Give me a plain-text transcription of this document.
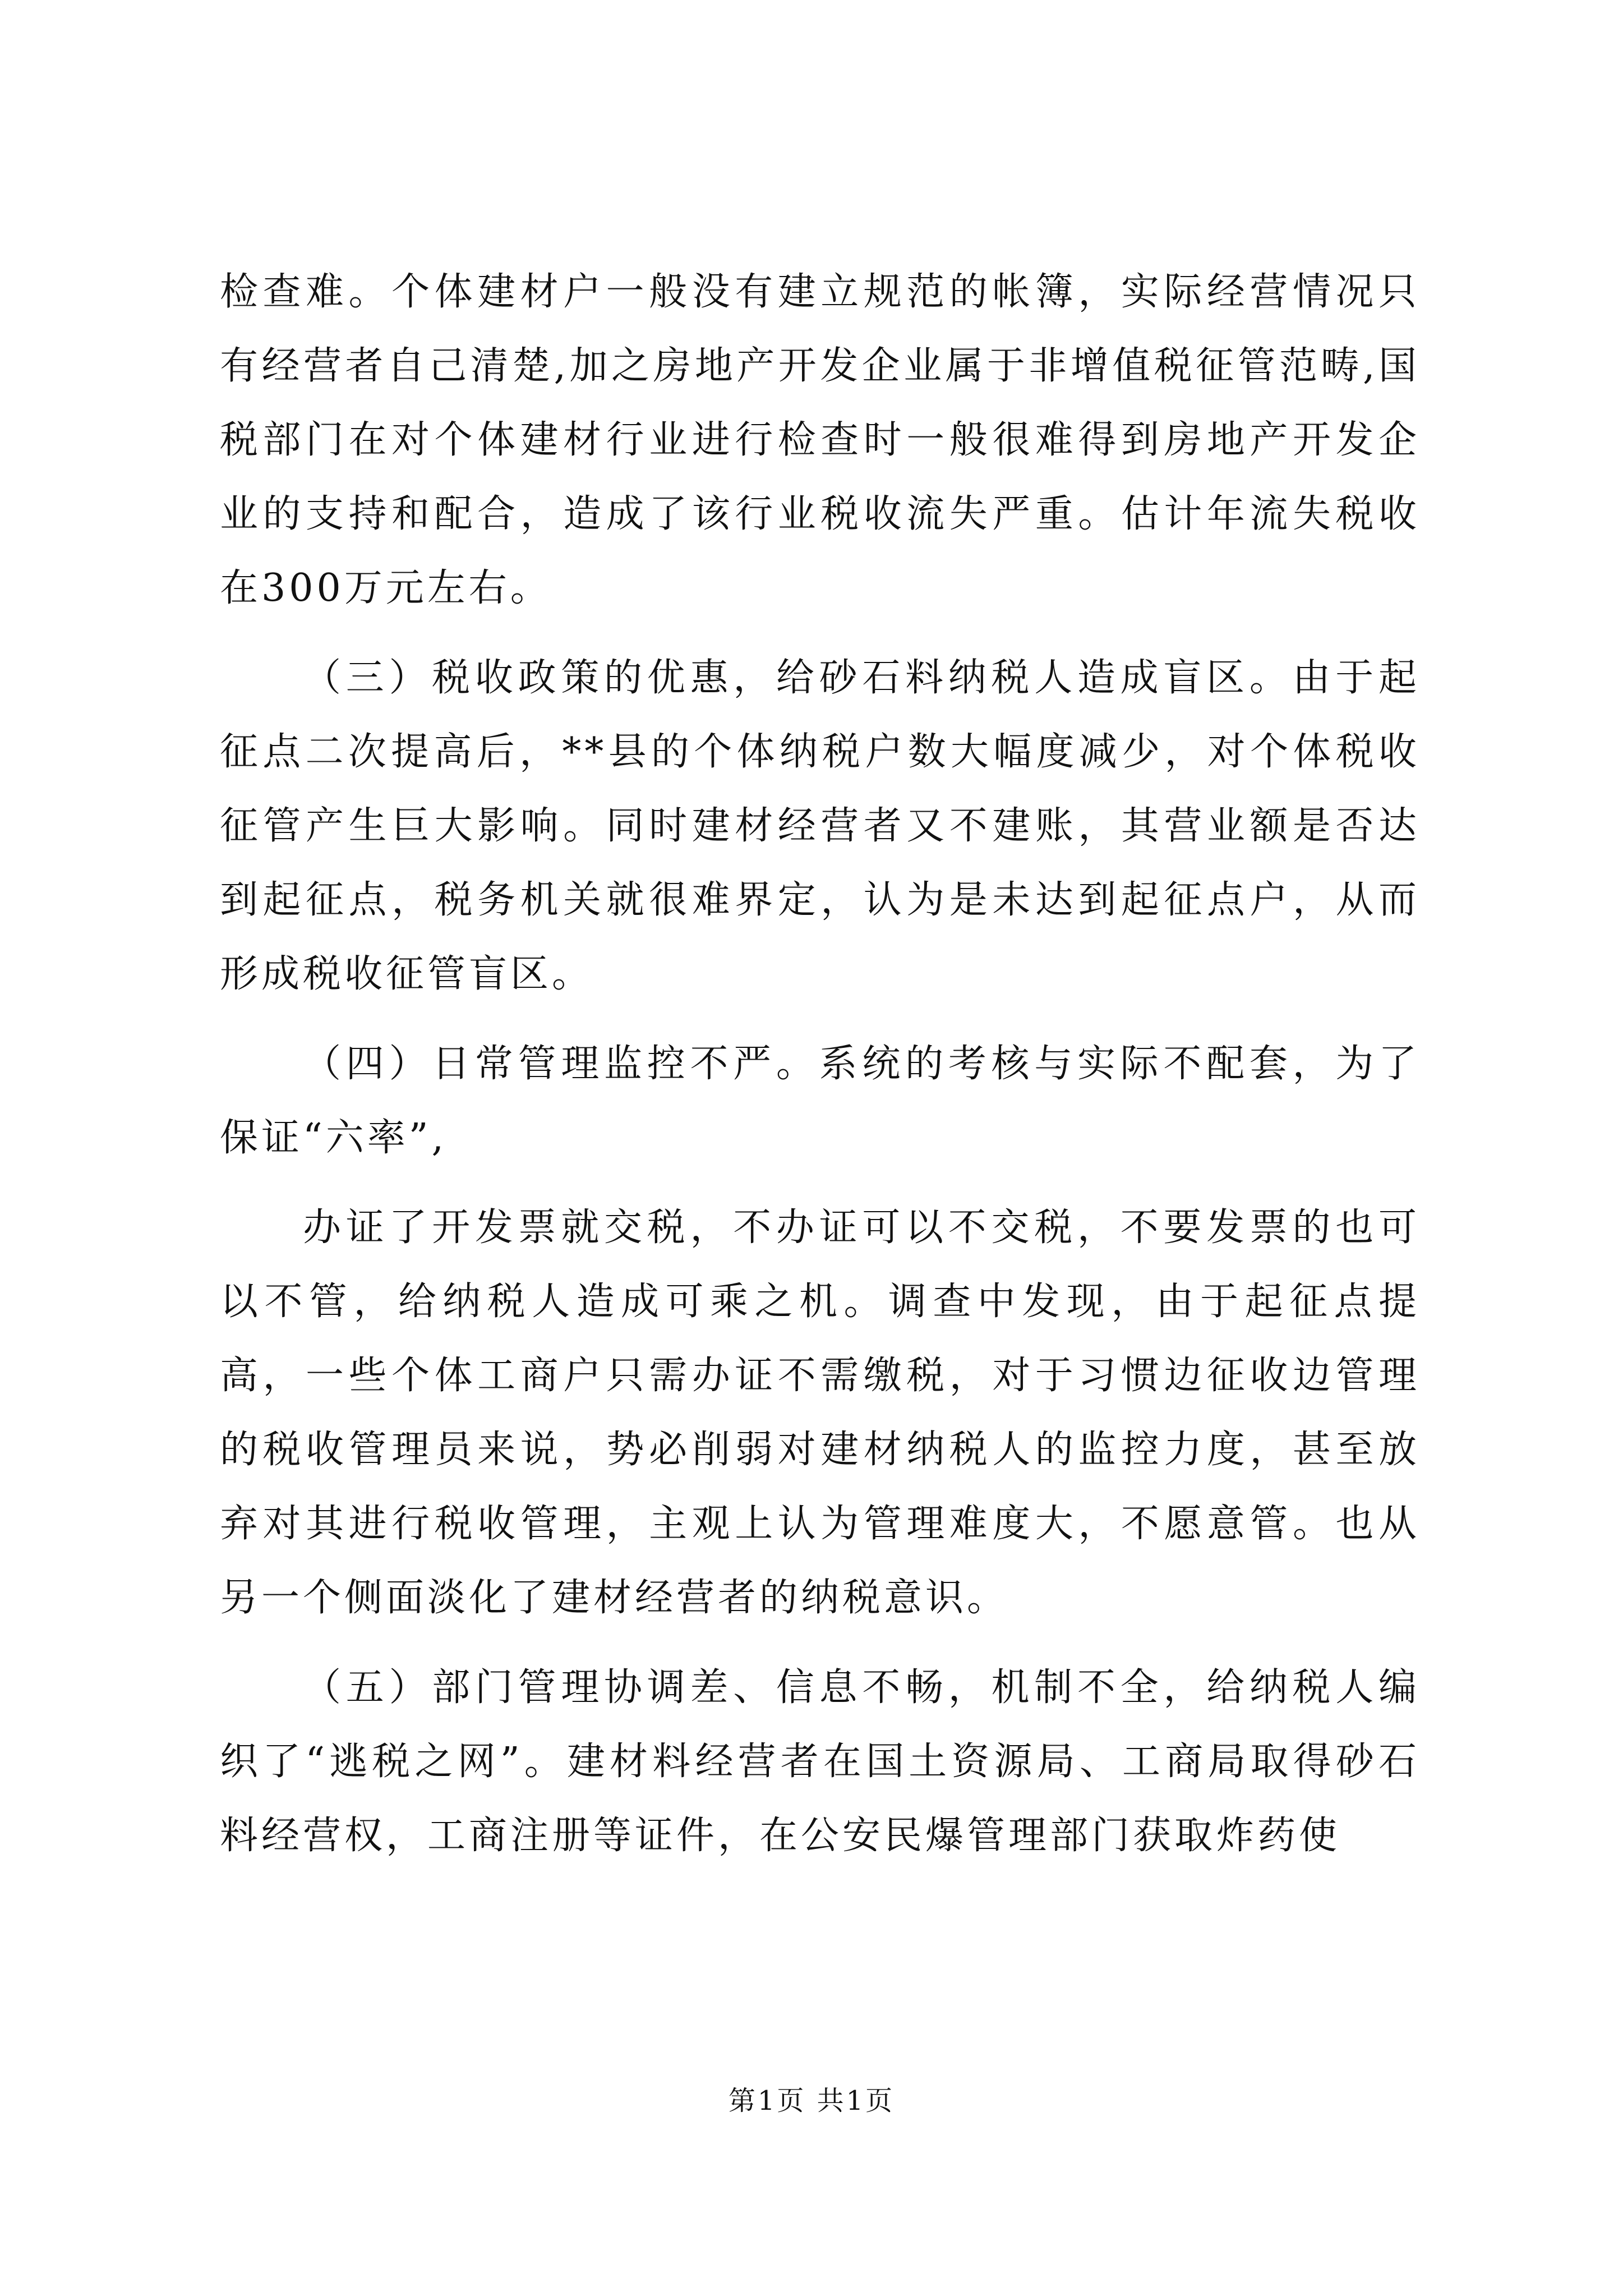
检查难。个体建材户一般没有建立规范的帐簿，实际经营情况只有经营者自己清楚,加之房地产开发企业属于非增值税征管范畴,国税部门在对个体建材行业进行检查时一般很难得到房地产开发企业的支持和配合，造成了该行业税收流失严重。估计年流失税收在300万元左右。

（三）税收政策的优惠，给砂石料纳税人造成盲区。由于起征点二次提高后，**县的个体纳税户数大幅度减少，对个体税收征管产生巨大影响。同时建材经营者又不建账，其营业额是否达到起征点，税务机关就很难界定，认为是未达到起征点户，从而形成税收征管盲区。

（四）日常管理监控不严。系统的考核与实际不配套，为了保证“六率”,

办证了开发票就交税，不办证可以不交税，不要发票的也可以不管，给纳税人造成可乘之机。调查中发现，由于起征点提高，一些个体工商户只需办证不需缴税，对于习惯边征收边管理的税收管理员来说，势必削弱对建材纳税人的监控力度，甚至放弃对其进行税收管理，主观上认为管理难度大，不愿意管。也从另一个侧面淡化了建材经营者的纳税意识。

（五）部门管理协调差、信息不畅，机制不全，给纳税人编织了“逃税之网”。建材料经营者在国土资源局、工商局取得砂石料经营权，工商注册等证件，在公安民爆管理部门获取炸药使

第1页 共1页
